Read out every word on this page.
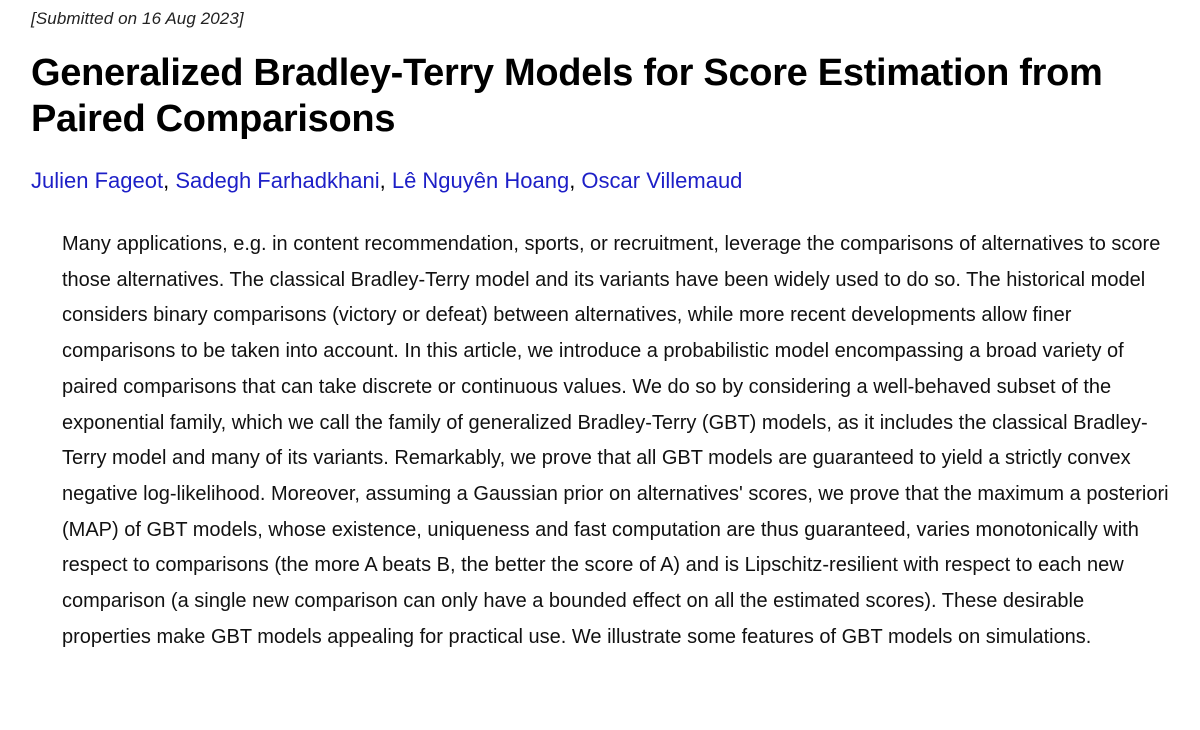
[Submitted on 16 Aug 2023]
Generalized Bradley-Terry Models for Score Estimation from Paired Comparisons
Julien Fageot, Sadegh Farhadkhani, Lê Nguyên Hoang, Oscar Villemaud

Many applications, e.g. in content recommendation, sports, or recruitment, leverage the comparisons of alternatives to score those alternatives. The classical Bradley-Terry model and its variants have been widely used to do so. The historical model considers binary comparisons (victory or defeat) between alternatives, while more recent developments allow finer comparisons to be taken into account. In this article, we introduce a probabilistic model encompassing a broad variety of paired comparisons that can take discrete or continuous values. We do so by considering a well-behaved subset of the exponential family, which we call the family of generalized Bradley-Terry (GBT) models, as it includes the classical Bradley-Terry model and many of its variants. Remarkably, we prove that all GBT models are guaranteed to yield a strictly convex negative log-likelihood. Moreover, assuming a Gaussian prior on alternatives' scores, we prove that the maximum a posteriori (MAP) of GBT models, whose existence, uniqueness and fast computation are thus guaranteed, varies monotonically with respect to comparisons (the more A beats B, the better the score of A) and is Lipschitz-resilient with respect to each new comparison (a single new comparison can only have a bounded effect on all the estimated scores). These desirable properties make GBT models appealing for practical use. We illustrate some features of GBT models on simulations.
